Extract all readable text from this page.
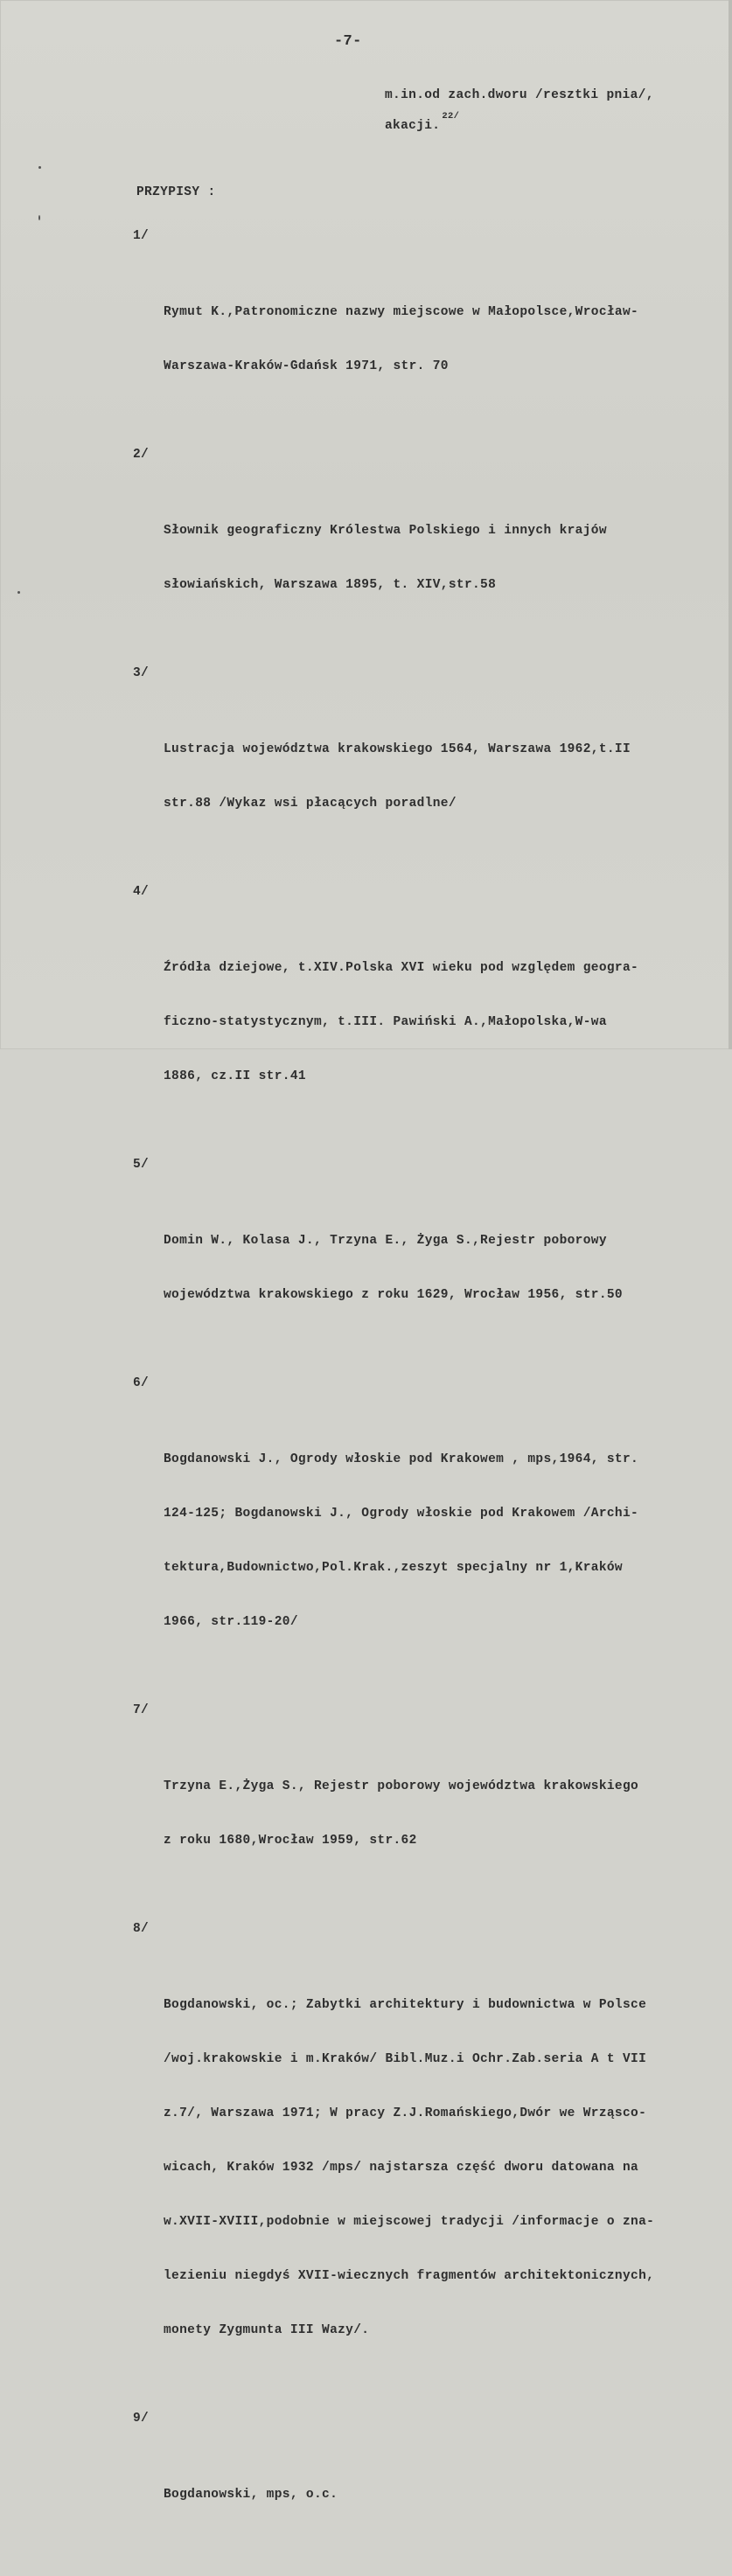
-7-
m.in.od zach.dworu /resztki pnia/,
akacji.$^{22/}$
PRZYPISY :

1/

Rymut K.,Patronomiczne nazwy miejscowe w Małopolsce,Wrocław-

Warszawa-Kraków-Gdańsk 1971, str. 70

2/

Słownik geograficzny Królestwa Polskiego i innych krajów

słowiańskich, Warszawa 1895, t. XIV,str.58

3/

Lustracja województwa krakowskiego 1564, Warszawa 1962,t.II

str.88 /Wykaz wsi płacących poradlne/

4/

Źródła dziejowe, t.XIV.Polska XVI wieku pod względem geogra-

ficzno-statystycznym, t.III. Pawiński A.,Małopolska,W-wa

1886, cz.II str.41

5/

Domin W., Kolasa J., Trzyna E., Żyga S.,Rejestr poborowy

województwa krakowskiego z roku 1629, Wrocław 1956, str.50

6/

Bogdanowski J., Ogrody włoskie pod Krakowem , mps,1964, str.

124-125; Bogdanowski J., Ogrody włoskie pod Krakowem /Archi-

tektura,Budownictwo,Pol.Krak.,zeszyt specjalny nr 1,Kraków

1966, str.119-20/

7/

Trzyna E.,Żyga S., Rejestr poborowy województwa krakowskiego

z roku 1680,Wrocław 1959, str.62

8/

Bogdanowski, oc.; Zabytki architektury i budownictwa w Polsce

/woj.krakowskie i m.Kraków/ Bibl.Muz.i Ochr.Zab.seria A t VII

z.7/, Warszawa 1971; W pracy Z.J.Romańskiego,Dwór we Wrząsco-

wicach, Kraków 1932 /mps/ najstarsza część dworu datowana na

w.XVII-XVIII,podobnie w miejscowej tradycji /informacje o zna-

lezieniu niegdyś XVII-wiecznych fragmentów architektonicznych,

monety Zygmunta III Wazy/.

9/

Bogdanowski, mps, o.c.
